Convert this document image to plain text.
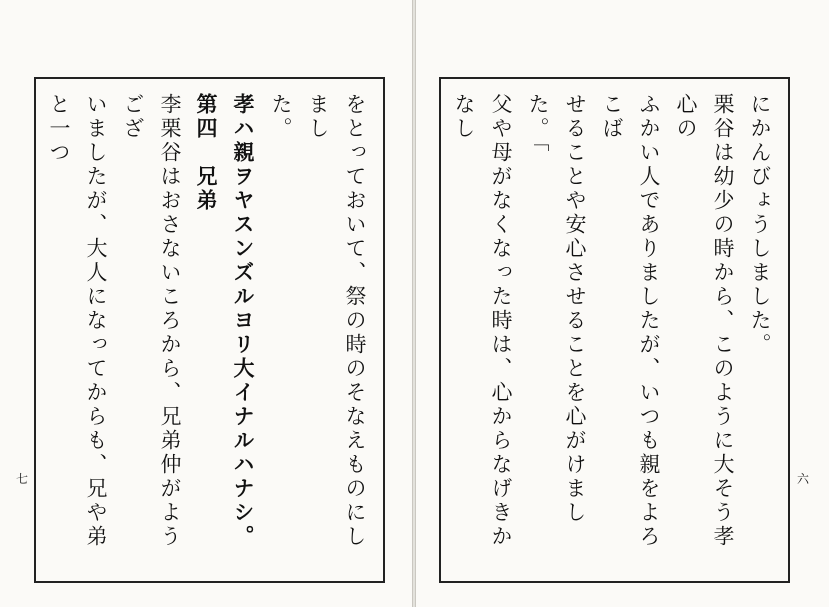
をとっておいて、祭の時のそなえものにしまし
た。
孝ハ親ヲヤスンズルヨリ大イナルハナシ。
第四　兄弟
李栗谷はおさないころから、兄弟仲がようござ
いましたが、大人になってからも、兄や弟と一つ
七
にかんびょうしました。
栗谷は幼少の時から、このように大そう孝心の
ふかい人でありましたが、いつも親をよろこば
せることや安心させることを心がけました。「
父や母がなくなった時は、心からなげきかなし
六
